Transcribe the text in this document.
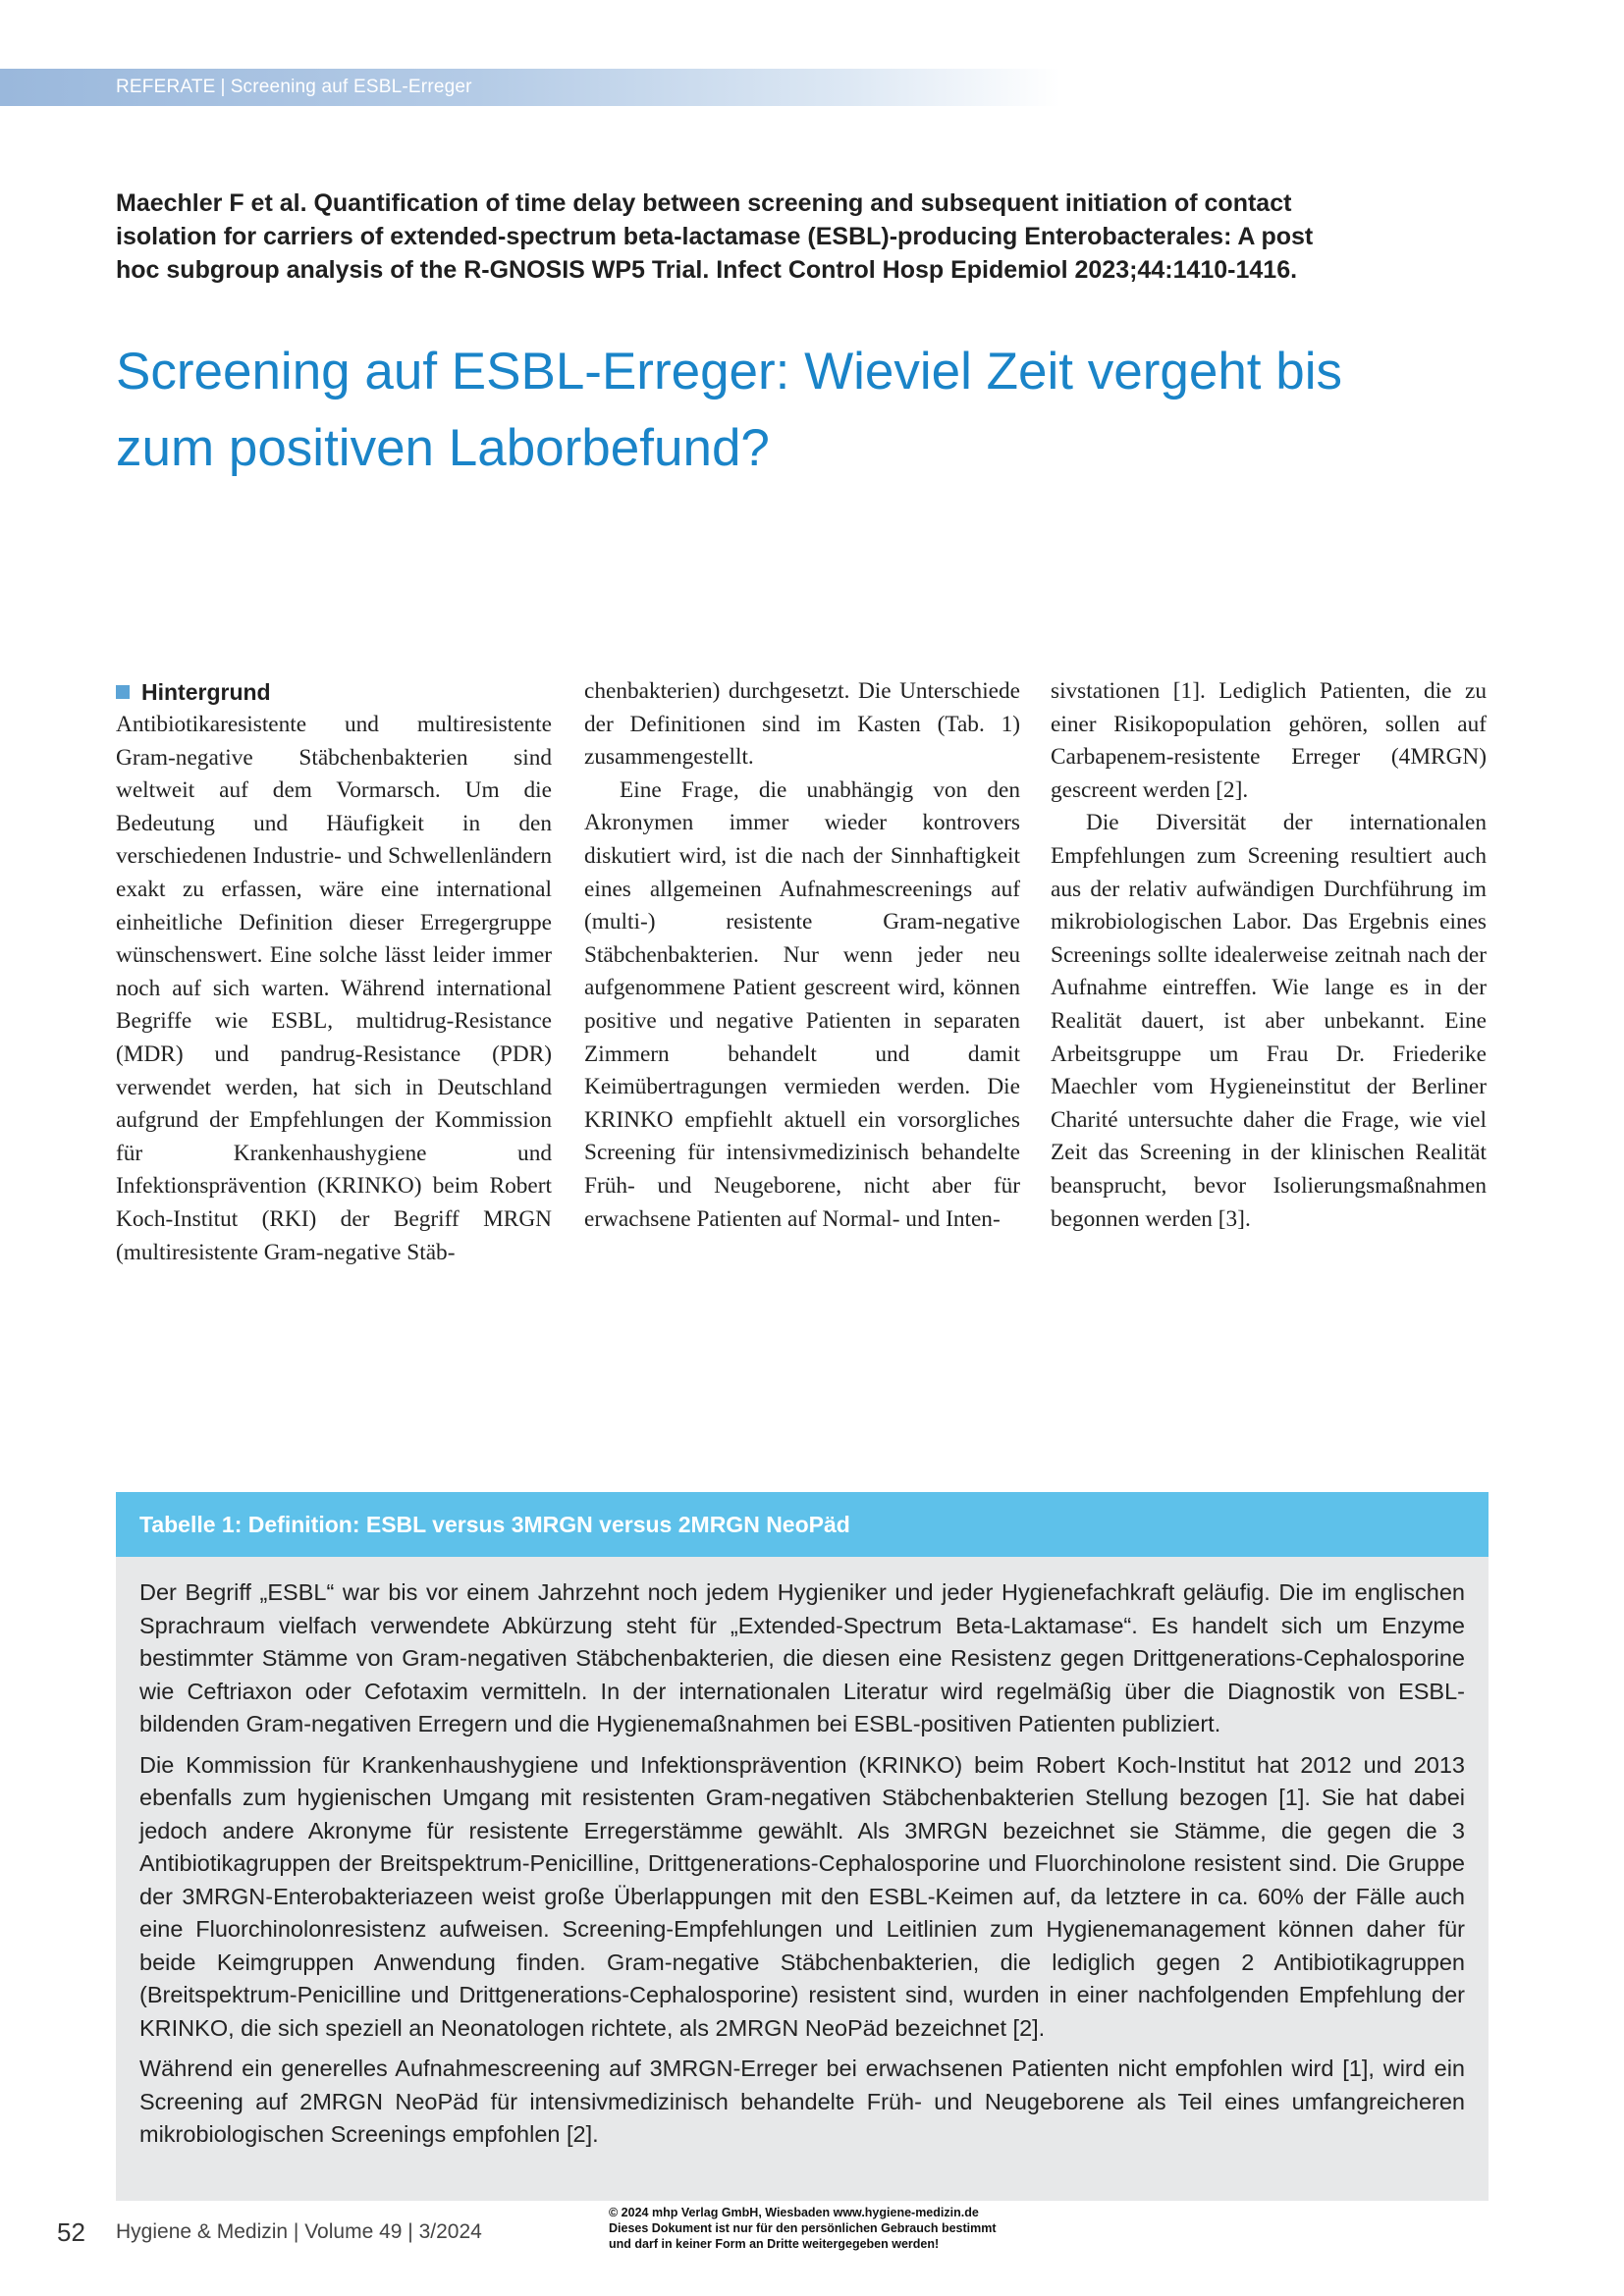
REFERATE | Screening auf ESBL-Erreger
Maechler F et al. Quantification of time delay between screening and subsequent initiation of contact isolation for carriers of extended-spectrum beta-lactamase (ESBL)-producing Enterobacterales: A post hoc subgroup analysis of the R-GNOSIS WP5 Trial. Infect Control Hosp Epidemiol 2023;44:1410-1416.
Screening auf ESBL-Erreger: Wieviel Zeit vergeht bis zum positiven Laborbefund?
Hintergrund

Antibiotikaresistente und multiresistente Gram-negative Stäbchenbakterien sind weltweit auf dem Vormarsch. Um die Bedeutung und Häufigkeit in den verschiedenen Industrie- und Schwellenländern exakt zu erfassen, wäre eine international einheitliche Definition dieser Erregergruppe wünschenswert. Eine solche lässt leider immer noch auf sich warten. Während international Begriffe wie ESBL, multidrug-Resistance (MDR) und pandrug-Resistance (PDR) verwendet werden, hat sich in Deutschland aufgrund der Empfehlungen der Kommission für Krankenhaushygiene und Infektionsprävention (KRINKO) beim Robert Koch-Institut (RKI) der Begriff MRGN (multiresistente Gram-negative Stäb-

chenbakterien) durchgesetzt. Die Unterschiede der Definitionen sind im Kasten (Tab. 1) zusammengestellt.

Eine Frage, die unabhängig von den Akronymen immer wieder kontrovers diskutiert wird, ist die nach der Sinnhaftigkeit eines allgemeinen Aufnahmescreenings auf (multi-) resistente Gram-negative Stäbchenbakterien. Nur wenn jeder neu aufgenommene Patient gescreent wird, können positive und negative Patienten in separaten Zimmern behandelt und damit Keimübertragungen vermieden werden. Die KRINKO empfiehlt aktuell ein vorsorgliches Screening für intensivmedizinisch behandelte Früh- und Neugeborene, nicht aber für erwachsene Patienten auf Normal- und Inten-

sivstationen [1]. Lediglich Patienten, die zu einer Risikopopulation gehören, sollen auf Carbapenem-resistente Erreger (4MRGN) gescreent werden [2].

Die Diversität der internationalen Empfehlungen zum Screening resultiert auch aus der relativ aufwändigen Durchführung im mikrobiologischen Labor. Das Ergebnis eines Screenings sollte idealerweise zeitnah nach der Aufnahme eintreffen. Wie lange es in der Realität dauert, ist aber unbekannt. Eine Arbeitsgruppe um Frau Dr. Friederike Maechler vom Hygieneinstitut der Berliner Charité untersuchte daher die Frage, wie viel Zeit das Screening in der klinischen Realität beansprucht, bevor Isolierungsmaßnahmen begonnen werden [3].

Tabelle 1: Definition: ESBL versus 3MRGN versus 2MRGN NeoPäd

Der Begriff „ESBL“ war bis vor einem Jahrzehnt noch jedem Hygieniker und jeder Hygienefachkraft geläufig. Die im englischen Sprachraum vielfach verwendete Abkürzung steht für „Extended-Spectrum Beta-Laktamase“. Es handelt sich um Enzyme bestimmter Stämme von Gram-negativen Stäbchenbakterien, die diesen eine Resistenz gegen Drittgenerations-Cephalosporine wie Ceftriaxon oder Cefotaxim vermitteln. In der internationalen Literatur wird regelmäßig über die Diagnostik von ESBL-bildenden Gram-negativen Erregern und die Hygienemaßnahmen bei ESBL-positiven Patienten publiziert.

Die Kommission für Krankenhaushygiene und Infektionsprävention (KRINKO) beim Robert Koch-Institut hat 2012 und 2013 ebenfalls zum hygienischen Umgang mit resistenten Gram-negativen Stäbchenbakterien Stellung bezogen [1]. Sie hat dabei jedoch andere Akronyme für resistente Erregerstämme gewählt. Als 3MRGN bezeichnet sie Stämme, die gegen die 3 Antibiotikagruppen der Breitspektrum-Penicilline, Drittgenerations-Cephalosporine und Fluorchinolone resistent sind. Die Gruppe der 3MRGN-Enterobakteriazeen weist große Überlappungen mit den ESBL-Keimen auf, da letztere in ca. 60% der Fälle auch eine Fluorchinolonresistenz aufweisen. Screening-Empfehlungen und Leitlinien zum Hygienemanagement können daher für beide Keimgruppen Anwendung finden. Gram-negative Stäbchenbakterien, die lediglich gegen 2 Antibiotikagruppen (Breitspektrum-Penicilline und Drittgenerations-Cephalosporine) resistent sind, wurden in einer nachfolgenden Empfehlung der KRINKO, die sich speziell an Neonatologen richtete, als 2MRGN NeoPäd bezeichnet [2].

Während ein generelles Aufnahmescreening auf 3MRGN-Erreger bei erwachsenen Patienten nicht empfohlen wird [1], wird ein Screening auf 2MRGN NeoPäd für intensivmedizinisch behandelte Früh- und Neugeborene als Teil eines umfangreicheren mikrobiologischen Screenings empfohlen [2].

52 Hygiene & Medizin | Volume 49 | 3/2024
© 2024 mhp Verlag GmbH, Wiesbaden www.hygiene-medizin.de
Dieses Dokument ist nur für den persönlichen Gebrauch bestimmt
und darf in keiner Form an Dritte weitergegeben werden!
